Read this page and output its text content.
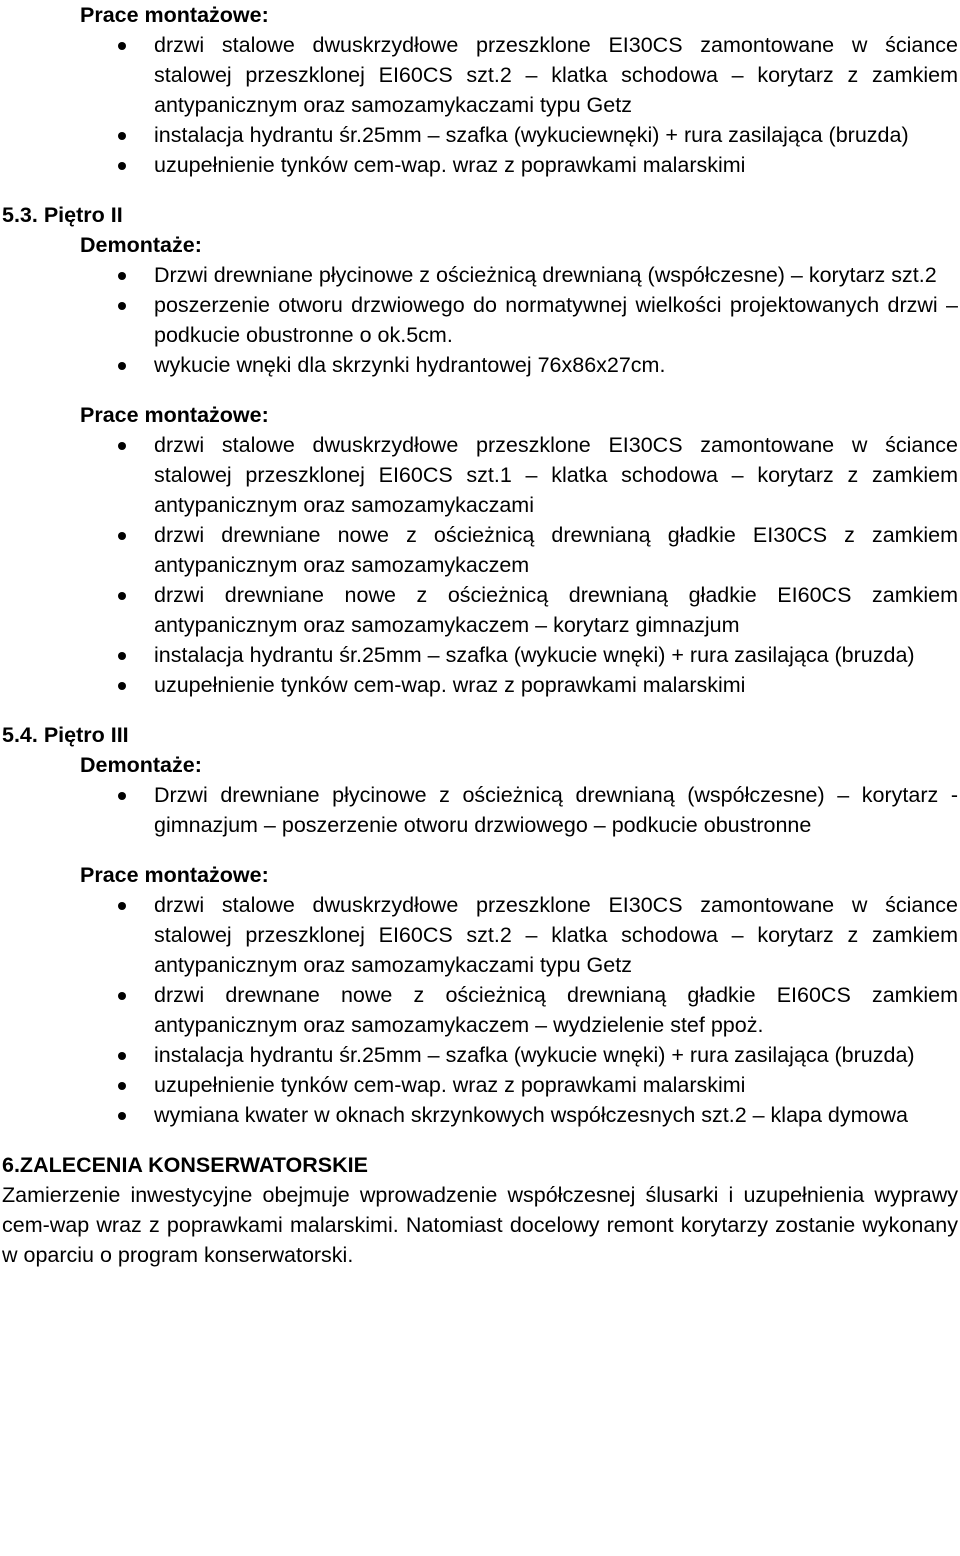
Prace montażowe:
drzwi stalowe dwuskrzydłowe przeszklone EI30CS zamontowane w ściance stalowej przeszklonej EI60CS szt.2 – klatka schodowa – korytarz z zamkiem antypanicznym oraz samozamykaczami typu Getz
instalacja hydrantu śr.25mm – szafka (wykuciewnęki) + rura zasilająca (bruzda)
uzupełnienie tynków cem-wap. wraz z poprawkami malarskimi
5.3. Piętro II
Demontaże:
Drzwi drewniane płycinowe z ościeżnicą drewnianą (współczesne) – korytarz szt.2
poszerzenie otworu drzwiowego do normatywnej wielkości projektowanych drzwi – podkucie obustronne o ok.5cm.
wykucie wnęki dla skrzynki hydrantowej 76x86x27cm.
Prace montażowe:
drzwi stalowe dwuskrzydłowe przeszklone EI30CS zamontowane w ściance stalowej przeszklonej EI60CS szt.1 – klatka schodowa – korytarz z zamkiem antypanicznym oraz samozamykaczami
drzwi drewniane nowe z ościeżnicą drewnianą gładkie EI30CS z zamkiem antypanicznym oraz samozamykaczem
drzwi drewniane nowe z ościeżnicą drewnianą gładkie EI60CS zamkiem antypanicznym oraz samozamykaczem – korytarz gimnazjum
instalacja hydrantu śr.25mm – szafka (wykucie wnęki) + rura zasilająca (bruzda)
uzupełnienie tynków cem-wap. wraz z poprawkami malarskimi
5.4. Piętro III
Demontaże:
Drzwi drewniane płycinowe z ościeżnicą drewnianą (współczesne) – korytarz - gimnazjum – poszerzenie otworu drzwiowego – podkucie obustronne
Prace montażowe:
drzwi stalowe dwuskrzydłowe przeszklone EI30CS zamontowane w ściance stalowej przeszklonej EI60CS szt.2 – klatka schodowa – korytarz z zamkiem antypanicznym oraz samozamykaczami typu Getz
drzwi drewnane nowe z ościeżnicą drewnianą gładkie EI60CS zamkiem antypanicznym oraz samozamykaczem – wydzielenie stef ppoż.
instalacja hydrantu śr.25mm – szafka (wykucie wnęki) + rura zasilająca (bruzda)
uzupełnienie tynków cem-wap. wraz z poprawkami malarskimi
wymiana kwater w oknach skrzynkowych współczesnych szt.2 – klapa dymowa
6.ZALECENIA KONSERWATORSKIE

Zamierzenie inwestycyjne obejmuje wprowadzenie współczesnej ślusarki i uzupełnienia wyprawy cem-wap wraz z poprawkami malarskimi. Natomiast docelowy remont korytarzy zostanie wykonany w oparciu o program konserwatorski.
